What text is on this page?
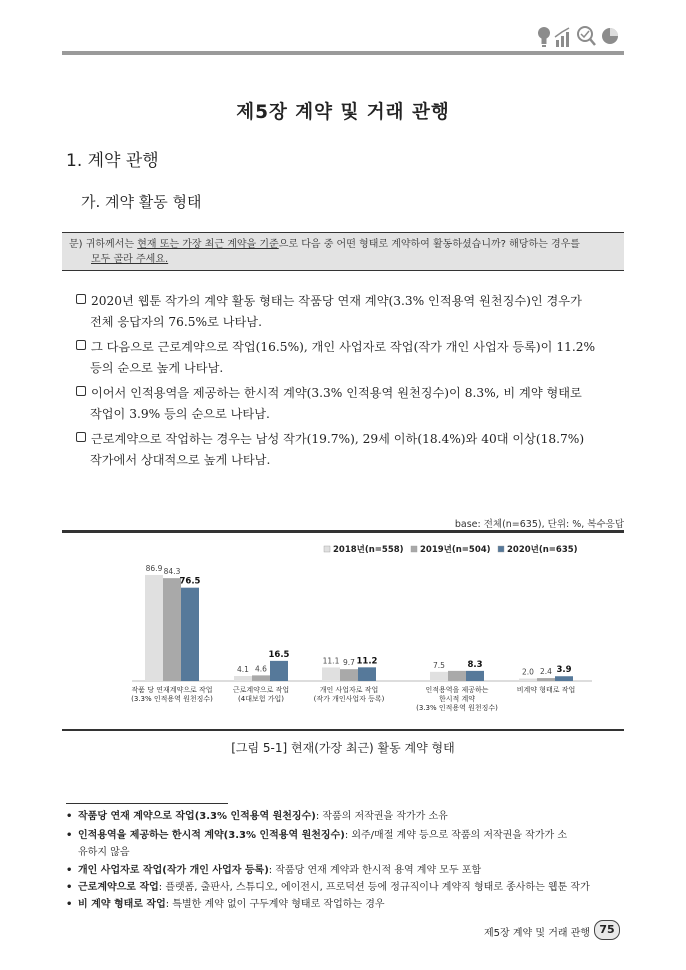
제5장 계약 및 거래 관행
1. 계약 관행
가. 계약 활동 형태
문) 귀하께서는 현재 또는 가장 최근 계약을 기준으로 다음 중 어떤 형태로 계약하여 활동하셨습니까? 해당하는 경우를
모두 골라 주세요.
2020년 웹툰 작가의 계약 활동 형태는 작품당 연재 계약(3.3% 인적용역 원천징수)인 경우가
전체 응답자의 76.5%로 나타남.
그 다음으로 근로계약으로 작업(16.5%), 개인 사업자로 작업(작가 개인 사업자 등록)이 11.2%
등의 순으로 높게 나타남.
이어서 인적용역을 제공하는 한시적 계약(3.3% 인적용역 원천징수)이 8.3%, 비 계약 형태로
작업이 3.9% 등의 순으로 나타남.
근로계약으로 작업하는 경우는 남성 작가(19.7%), 29세 이하(18.4%)와 40대 이상(18.7%)
작가에서 상대적으로 높게 나타남.
base: 전체(n=635), 단위: %, 복수응답
2018년(n=558) 2019년(n=504) 2020년(n=635)
86.9 84.3
76.5
작품 당 연재계약으로 작업
(3.3% 인적용역 원천징수)
4.1 4.6
16.5
근로계약으로 작업
(4대보험 가입)
11.1 9.7 11.2
개인 사업자로 작업
(작가 개인사업자 등록)
7.5	8.3
인적용역을 제공하는
한시적 계약
(3.3% 인적용역 원천징수)
2.0 2.4 3.9
비계약 형태로 작업
[그림 5-1] 현재(가장 최근) 활동 계약 형태
• 작품당 연재 계약으로 작업(3.3% 인적용역 원천징수): 작품의 저작권을 작가가 소유
• 인적용역을 제공하는 한시적 계약(3.3% 인적용역 원천징수): 외주/매절 계약 등으로 작품의 저작권을 작가가 소
유하지 않음
• 개인 사업자로 작업(작가 개인 사업자 등록): 작품당 연재 계약과 한시적 용역 계약 모두 포함
• 근로계약으로 작업: 플랫폼, 출판사, 스튜디오, 에이전시, 프로덕션 등에 정규직이나 계약직 형태로 종사하는 웹툰 작가
• 비 계약 형태로 작업: 특별한 계약 없이 구두계약 형태로 작업하는 경우
제5장 계약 및 거래 관행 75
